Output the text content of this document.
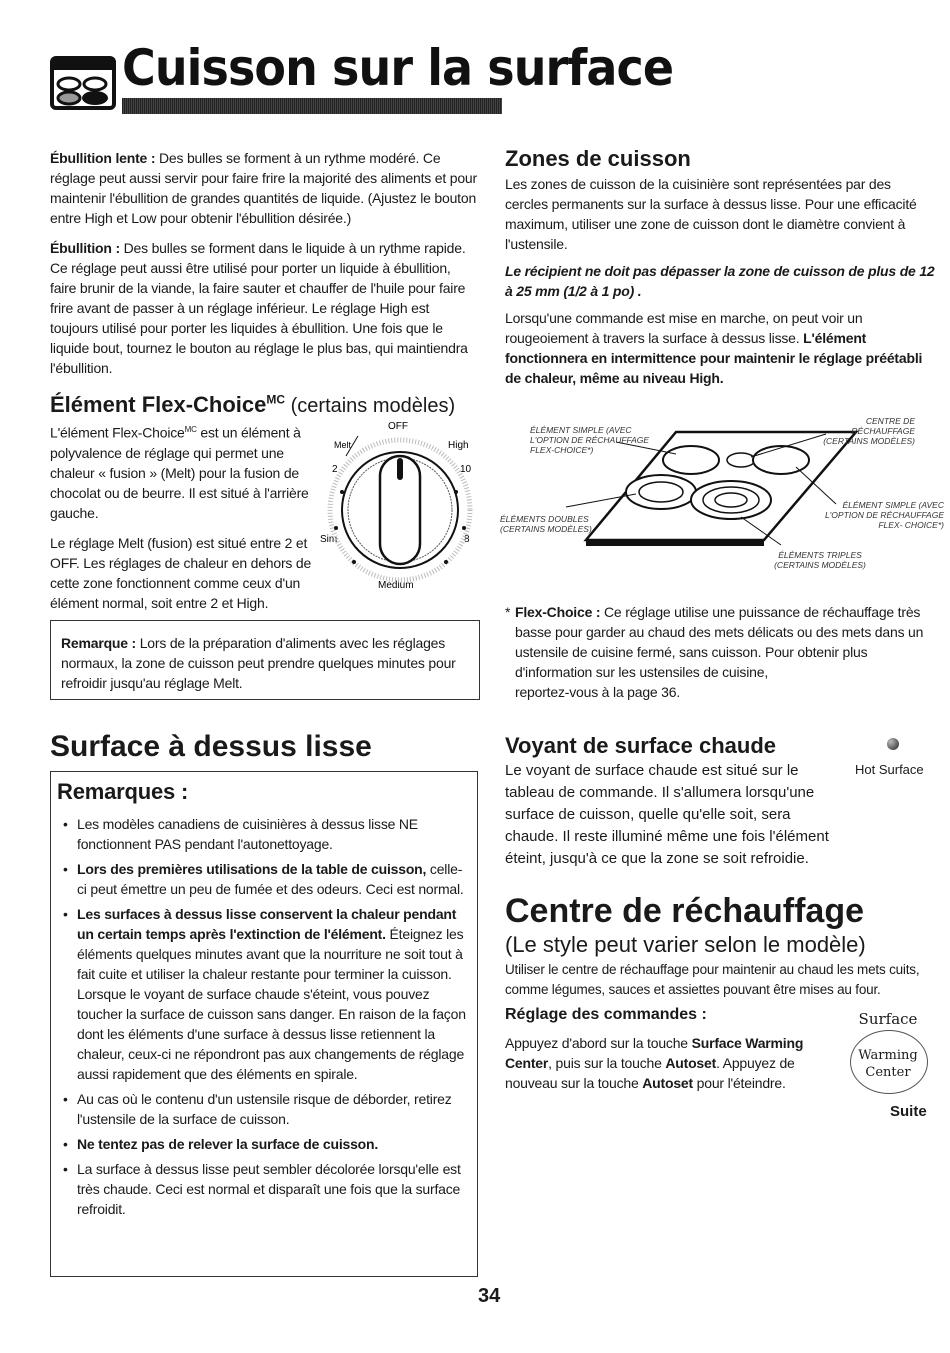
Cuisson sur la surface

Ébullition lente : Des bulles se forment à un rythme modéré. Ce réglage peut aussi servir pour faire frire la majorité des aliments et pour maintenir l'ébullition de grandes quantités de liquide. (Ajustez le bouton entre High et Low pour obtenir l'ébullition désirée.)

Ébullition : Des bulles se forment dans le liquide à un rythme rapide. Ce réglage peut aussi être utilisé pour porter un liquide à ébullition, faire brunir de la viande, la faire sauter et chauffer de l'huile pour faire frire avant de passer à un réglage inférieur. Le réglage High est toujours utilisé pour porter les liquides à ébullition. Une fois que le liquide bout, tournez le bouton au réglage le plus bas, qui maintiendra l'ébullition.

Élément Flex-Choice$^{MC}$ (certains modèles)

L'élément Flex-Choice$^{MC}$ est un élément à polyvalence de réglage qui permet une chaleur « fusion » (Melt) pour la fusion de chocolat ou de beurre. Il est situé à l'arrière gauche.

Le réglage Melt (fusion) est situé entre 2 et OFF. Les réglages de chaleur en dehors de cette zone fonctionnent comme ceux d'un élément normal, soit entre 2 et High.

OFF
Melt	High
2	10
Sim	8
Medium

Remarque : Lors de la préparation d'aliments avec les réglages normaux, la zone de cuisson peut prendre quelques minutes pour refroidir jusqu'au réglage Melt.

Surface à dessus lisse
Remarques :
• Les modèles canadiens de cuisinières à dessus lisse NE fonctionnent PAS pendant l'autonettoyage.
• Lors des premières utilisations de la table de cuisson, celle-ci peut émettre un peu de fumée et des odeurs. Ceci est normal.
• Les surfaces à dessus lisse conservent la chaleur pendant un certain temps après l'extinction de l'élément. Éteignez les éléments quelques minutes avant que la nourriture ne soit tout à fait cuite et utiliser la chaleur restante pour terminer la cuisson. Lorsque le voyant de surface chaude s'éteint, vous pouvez toucher la surface de cuisson sans danger. En raison de la façon dont les éléments d'une surface à dessus lisse retiennent la chaleur, ceux-ci ne répondront pas aux changements de réglage aussi rapidement que des éléments en spirale.
• Au cas où le contenu d'un ustensile risque de déborder, retirez l'ustensile de la surface de cuisson.
• Ne tentez pas de relever la surface de cuisson.
• La surface à dessus lisse peut sembler décolorée lorsqu'elle est très chaude. Ceci est normal et disparaît une fois que la surface refroidit.
Zones de cuisson

Les zones de cuisson de la cuisinière sont représentées par des cercles permanents sur la surface à dessus lisse. Pour une efficacité maximum, utiliser une zone de cuisson dont le diamètre convient à l'ustensile.

Le récipient ne doit pas dépasser la zone de cuisson de plus de 12 à 25 mm (1/2 à 1 po) .

Lorsqu'une commande est mise en marche, on peut voir un rougeoiement à travers la surface à dessus lisse. L'élément fonctionnera en intermittence pour maintenir le réglage préétabli de chaleur, même au niveau High.

ÉLÉMENT SIMPLE (AVEC L'OPTION DE RÉCHAUFFAGE FLEX-CHOICE*)
CENTRE DE RÉCHAUFFAGE (CERTAINS MODÈLES)
ÉLÉMENTS DOUBLES (CERTAINS MODÈLES)
ÉLÉMENT SIMPLE (AVEC L'OPTION DE RÉCHAUFFAGE FLEX- CHOICE*)
ÉLÉMENTS TRIPLES (CERTAINS MODÈLES)
* Flex-Choice : Ce réglage utilise une puissance de réchauffage très basse pour garder au chaud des mets délicats ou des mets dans un ustensile de cuisine fermé, sans cuisson. Pour obtenir plus d'information sur les ustensiles de cuisine,

reportez-vous à la page 36.

Voyant de surface chaude
Hot Surface

Le voyant de surface chaude est situé sur le tableau de commande. Il s'allumera lorsqu'une surface de cuisson, quelle qu'elle soit, sera chaude. Il reste illuminé même une fois l'élément éteint, jusqu'à ce que la zone se soit refroidie.

Centre de réchauffage
(Le style peut varier selon le modèle)
Utiliser le centre de réchauffage pour maintenir au chaud les mets cuits, comme légumes, sauces et assiettes pouvant être mises au four.
Réglage des commandes :

Appuyez d'abord sur la touche Surface Warming Center, puis sur la touche Autoset. Appuyez de nouveau sur la touche Autoset pour l'éteindre.

Surface
Warming
Center
Suite
34
